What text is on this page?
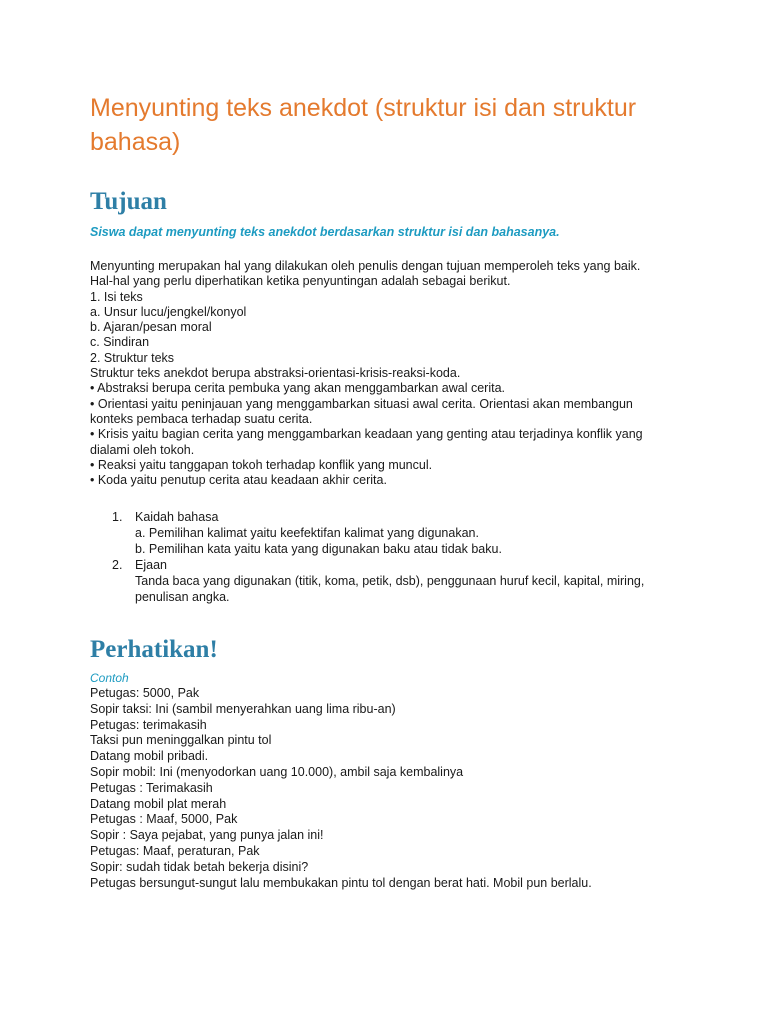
Menyunting teks anekdot (struktur isi dan struktur bahasa)
Tujuan

Siswa dapat menyunting teks anekdot berdasarkan struktur isi dan bahasanya.

Menyunting merupakan hal yang dilakukan oleh penulis dengan tujuan memperoleh teks yang baik.
Hal-hal yang perlu diperhatikan ketika penyuntingan adalah sebagai berikut.
1. Isi teks
a. Unsur lucu/jengkel/konyol
b. Ajaran/pesan moral
c. Sindiran
2. Struktur teks
Struktur teks anekdot berupa abstraksi-orientasi-krisis-reaksi-koda.
• Abstraksi berupa cerita pembuka yang akan menggambarkan awal cerita.
• Orientasi yaitu peninjauan yang menggambarkan situasi awal cerita. Orientasi akan membangun
konteks pembaca terhadap suatu cerita.
• Krisis yaitu bagian cerita yang menggambarkan keadaan yang genting atau terjadinya konflik yang
dialami oleh tokoh.
• Reaksi yaitu tanggapan tokoh terhadap konflik yang muncul.
• Koda yaitu penutup cerita atau keadaan akhir cerita.
1. Kaidah bahasa
a. Pemilihan kalimat yaitu keefektifan kalimat yang digunakan.
b. Pemilihan kata yaitu kata yang digunakan baku atau tidak baku.
2. Ejaan
Tanda baca yang digunakan (titik, koma, petik, dsb), penggunaan huruf kecil, kapital, miring,
penulisan angka.
Perhatikan!

Contoh

Petugas: 5000, Pak
Sopir taksi: Ini (sambil menyerahkan uang lima ribu-an)
Petugas: terimakasih
Taksi pun meninggalkan pintu tol
Datang mobil pribadi.
Sopir mobil: Ini (menyodorkan uang 10.000), ambil saja kembalinya
Petugas : Terimakasih
Datang mobil plat merah
Petugas : Maaf, 5000, Pak
Sopir : Saya pejabat, yang punya jalan ini!
Petugas: Maaf, peraturan, Pak
Sopir: sudah tidak betah bekerja disini?
Petugas bersungut-sungut lalu membukakan pintu tol dengan berat hati. Mobil pun berlalu.
